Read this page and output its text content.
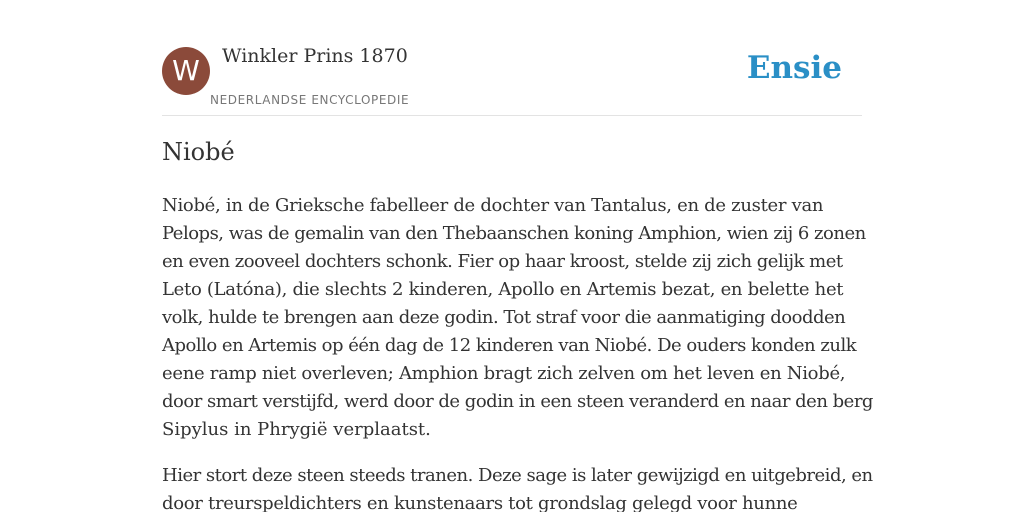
W	Winkler Prins 1870
NEDERLANDSE ENCYCLOPEDIE
Ensie
Niobé

Niobé, in de Grieksche fabelleer de dochter van Tantalus, en de zuster van
Pelops, was de gemalin van den Thebaanschen koning Amphion, wien zij 6 zonen
en even zooveel dochters schonk. Fier op haar kroost, stelde zij zich gelijk met
Leto (Latóna), die slechts 2 kinderen, Apollo en Artemis bezat, en belette het
volk, hulde te brengen aan deze godin. Tot straf voor die aanmatiging doodden
Apollo en Artemis op één dag de 12 kinderen van Niobé. De ouders konden zulk
eene ramp niet overleven; Amphion bragt zich zelven om het leven en Niobé,
door smart verstijfd, werd door de godin in een steen veranderd en naar den berg
Sipylus in Phrygië verplaatst.

Hier stort deze steen steeds tranen. Deze sage is later gewijzigd en uitgebreid, en
door treurspeldichters en kunstenaars tot grondslag gelegd voor hunne
